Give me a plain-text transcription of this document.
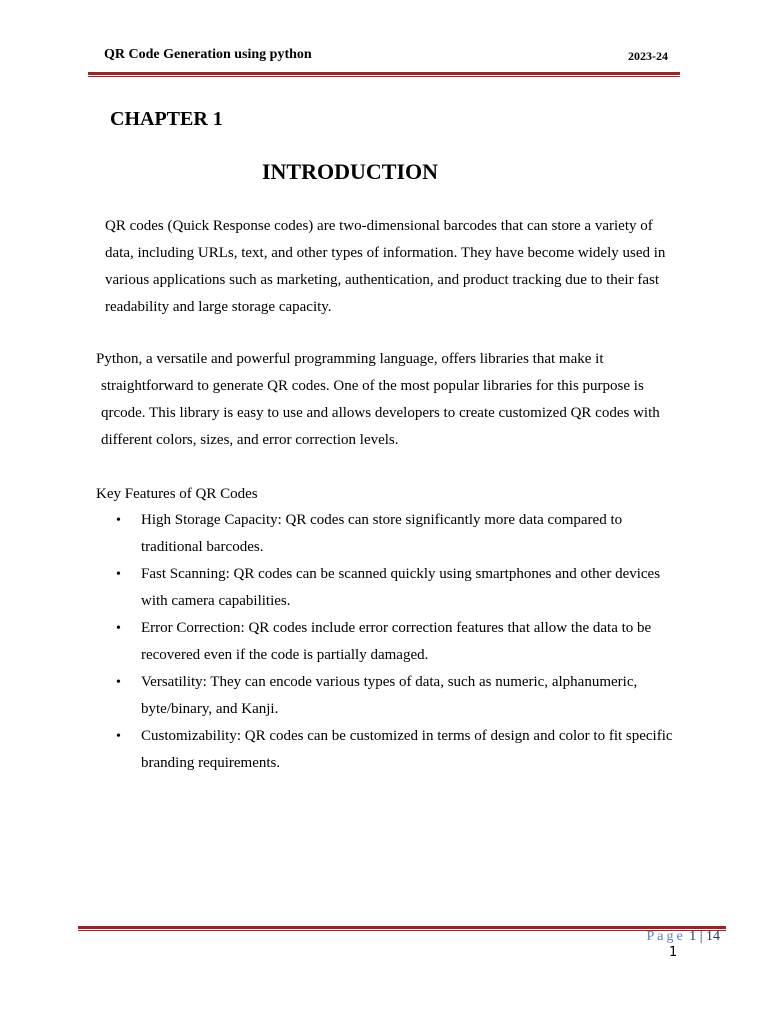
QR Code Generation using python	2023-24
CHAPTER 1
INTRODUCTION
QR codes (Quick Response codes) are two-dimensional barcodes that can store a variety of
data, including URLs, text, and other types of information. They have become widely used in
various applications such as marketing, authentication, and product tracking due to their fast
readability and large storage capacity.
Python, a versatile and powerful programming language, offers libraries that make it
straightforward to generate QR codes. One of the most popular libraries for this purpose is
qrcode. This library is easy to use and allows developers to create customized QR codes with
different colors, sizes, and error correction levels.
Key Features of QR Codes
• High Storage Capacity: QR codes can store significantly more data compared to
traditional barcodes.
• Fast Scanning: QR codes can be scanned quickly using smartphones and other devices
with camera capabilities.
• Error Correction: QR codes include error correction features that allow the data to be
recovered even if the code is partially damaged.
• Versatility: They can encode various types of data, such as numeric, alphanumeric,
byte/binary, and Kanji.
• Customizability: QR codes can be customized in terms of design and color to fit specific
branding requirements.
Page 1 | 14
1
